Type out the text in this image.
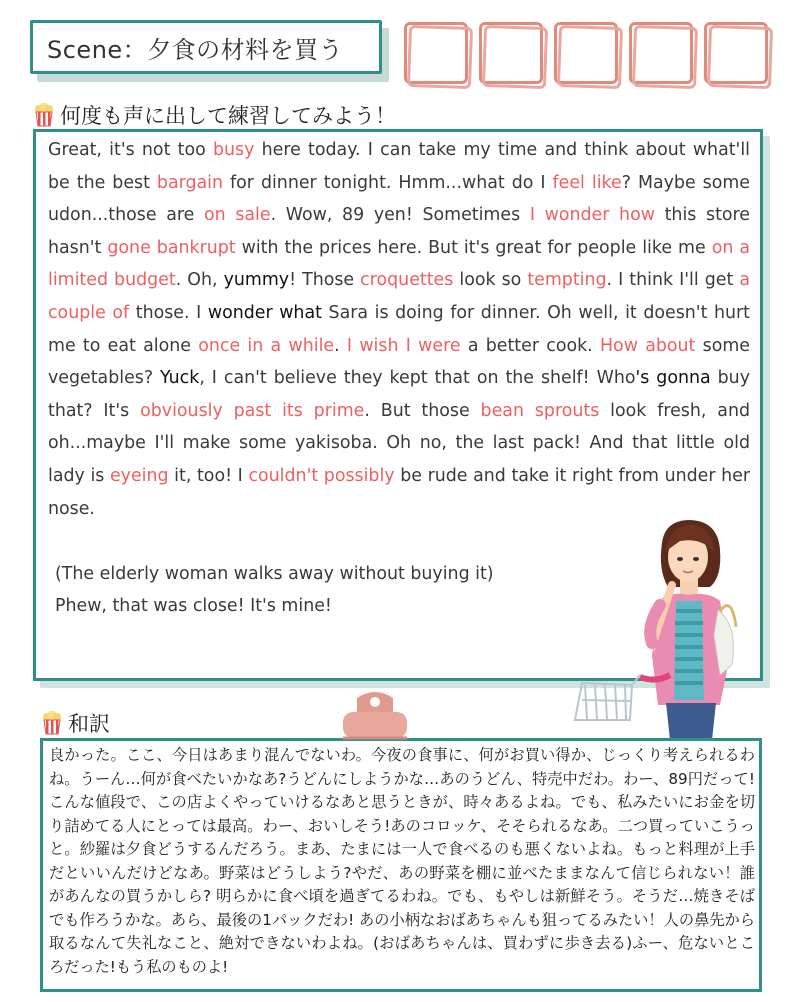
Scene：夕食の材料を買う
何度も声に出して練習してみよう！
Great, it's not too busy here today. I can take my time and think about what'll be the best bargain for dinner tonight. Hmm...what do I feel like? Maybe some udon...those are on sale. Wow, 89 yen! Sometimes I wonder how this store hasn't gone bankrupt with the prices here. But it's great for people like me on a limited budget. Oh, yummy! Those croquettes look so tempting. I think I'll get a couple of those. I wonder what Sara is doing for dinner. Oh well, it doesn't hurt me to eat alone once in a while. I wish I were a better cook. How about some vegetables? Yuck, I can't believe they kept that on the shelf! Who's gonna buy that? It's obviously past its prime. But those bean sprouts look fresh, and oh...maybe I'll make some yakisoba. Oh no, the last pack! And that little old lady is eyeing it, too! I couldn't possibly be rude and take it right from under her nose.
(The elderly woman walks away without buying it)
Phew, that was close! It's mine!
和訳
良かった。ここ、今日はあまり混んでないわ。今夜の食事に、何がお買い得か、じっくり考えられるわね。うーん…何が食べたいかなあ?うどんにしようかな…あのうどん、特売中だわ。わー、89円だって! こんな値段で、この店よくやっていけるなあと思うときが、時々あるよね。でも、私みたいにお金を切り詰めてる人にとっては最高。わー、おいしそう!あのコロッケ、そそられるなあ。二つ買っていこうっと。紗羅は夕食どうするんだろう。まあ、たまには一人で食べるのも悪くないよね。もっと料理が上手だといいんだけどなあ。野菜はどうしよう?やだ、あの野菜を棚に並べたままなんて信じられない！誰があんなの買うかしら? 明らかに食べ頃を過ぎてるわね。でも、もやしは新鮮そう。そうだ…焼きそばでも作ろうかな。あら、最後の1パックだわ! あの小柄なおばあちゃんも狙ってるみたい！人の鼻先から取るなんて失礼なこと、絶対できないわよね。(おばあちゃんは、買わずに歩き去る)ふー、危ないところだった!もう私のものよ!
